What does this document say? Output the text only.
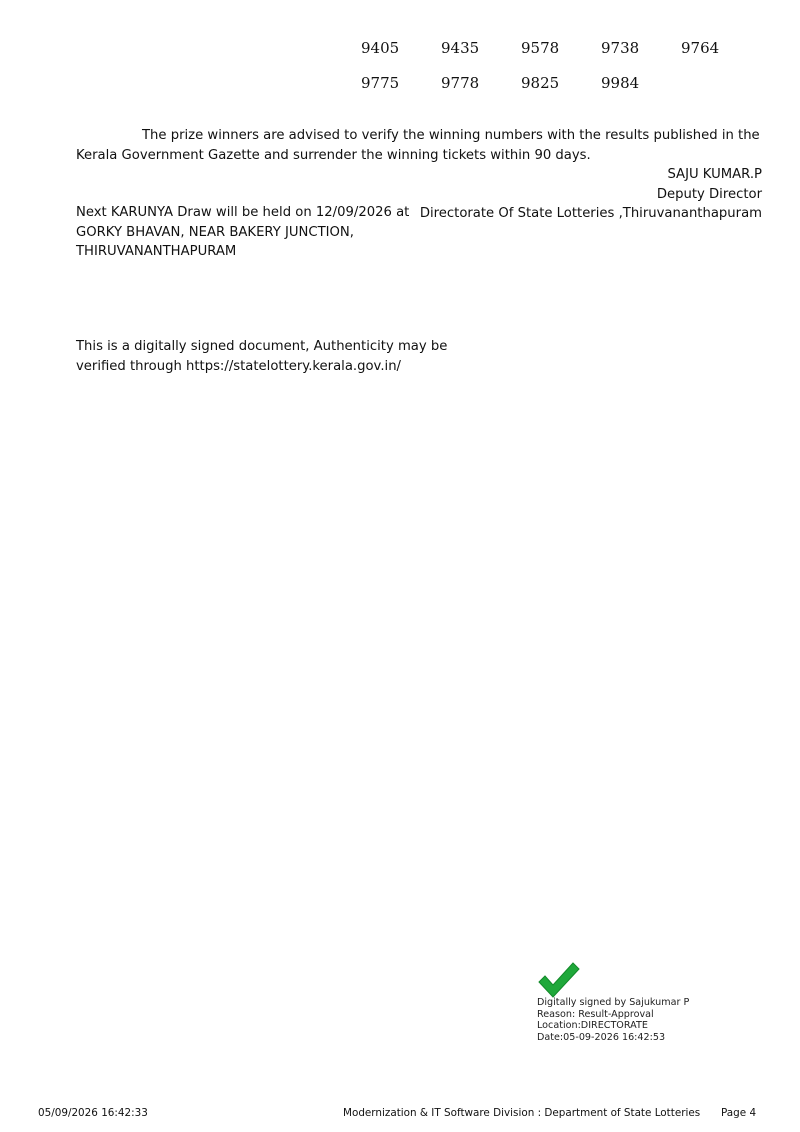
9405	9435	9578	9738	9764
9775	9778	9825	9984

The prize winners are advised to verify the winning numbers with the results published in the Kerala Government Gazette and surrender the winning tickets within 90 days.

SAJU KUMAR.P
Deputy Director
Directorate Of State Lotteries ,Thiruvananthapuram
Next KARUNYA Draw will be held on 12/09/2026 at
GORKY BHAVAN, NEAR BAKERY JUNCTION,
THIRUVANANTHAPURAM
This is a digitally signed document, Authenticity may be
verified through https://statelottery.kerala.gov.in/
Digitally signed by Sajukumar P
Reason: Result-Approval
Location:DIRECTORATE
Date:05-09-2026 16:42:53
05/09/2026 16:42:33	Modernization & IT Software Division : Department of State Lotteries Page 4
